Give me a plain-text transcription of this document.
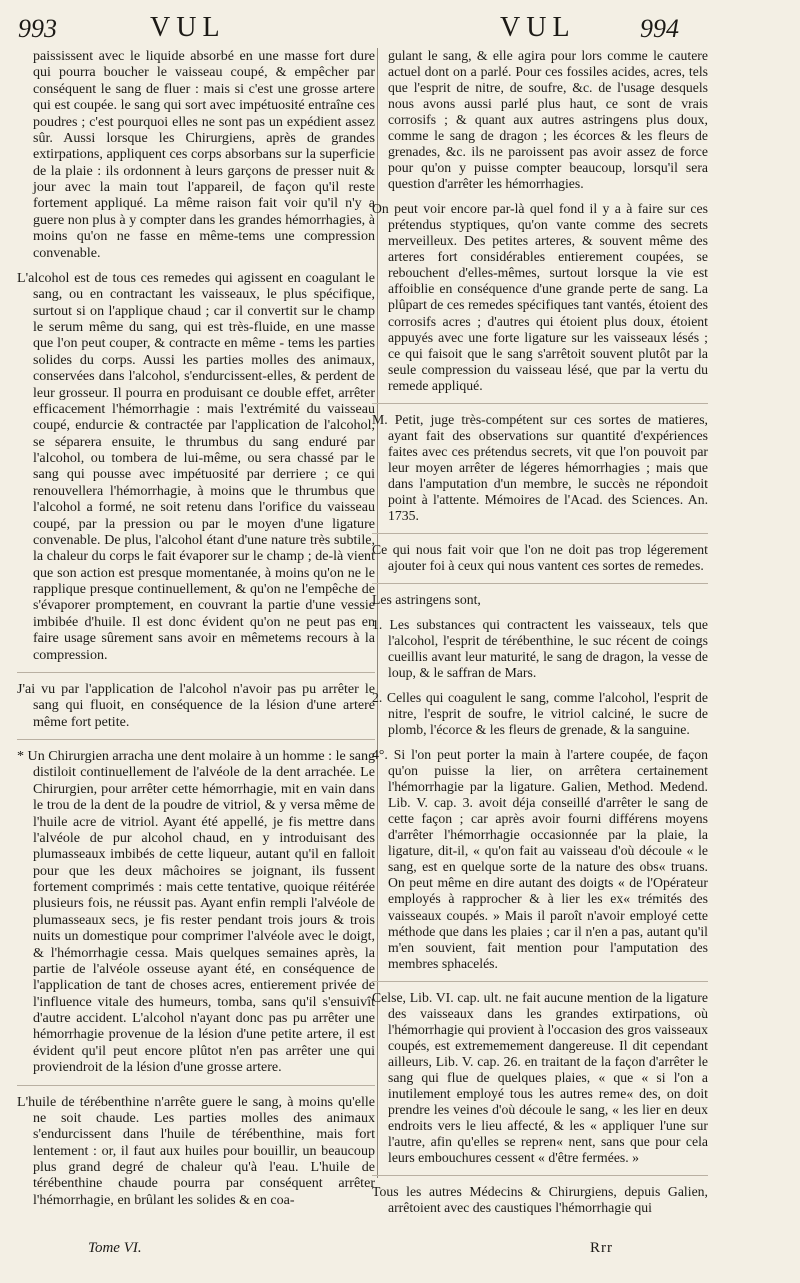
993	VUL	VUL 994

paississent avec le liquide absorbé en une masse fort dure qui pourra boucher le vaisseau coupé, & empêcher par conséquent le sang de fluer : mais si c'est une grosse artere qui est coupée. le sang qui sort avec impétuosité entraîne ces poudres ; c'est pourquoi elles ne sont pas un expédient assez sûr. Aussi lorsque les Chirurgiens, après de grandes extirpations, appliquent ces corps absorbans sur la superficie de la plaie : ils ordonnent à leurs garçons de presser nuit & jour avec la main tout l'appareil, de façon qu'il reste fortement appliqué. La même raison fait voir qu'il n'y a guere non plus à y compter dans les grandes hémorrhagies, à moins qu'on ne fasse en même-tems une compression convenable.

L'alcohol est de tous ces remedes qui agissent en coagulant le sang, ou en contractant les vaisseaux, le plus spécifique, surtout si on l'applique chaud ; car il convertit sur le champ le serum même du sang, qui est très-fluide, en une masse que l'on peut couper, & contracte en même - tems les parties solides du corps. Aussi les parties molles des animaux, conservées dans l'alcohol, s'endurcissent-elles, & perdent de leur grosseur. Il pourra en produisant ce double effet, arrêter efficacement l'hémorrhagie : mais l'extrémité du vaisseau coupé, endurcie & contractée par l'application de l'alcohol, se séparera ensuite, le thrumbus du sang enduré par l'alcohol, ou tombera de lui-même, ou sera chassé par le sang qui pousse avec impétuosité par derriere ; ce qui renouvellera l'hémorrhagie, à moins que le thrumbus que l'alcohol a formé, ne soit retenu dans l'orifice du vaisseau coupé, par la pression ou par le moyen d'une ligature convenable. De plus, l'alcohol étant d'une nature très subtile, la chaleur du corps le fait évaporer sur le champ ; de-là vient que son action est presque momentanée, à moins qu'on ne le rapplique presque continuellement, & qu'on ne l'empêche de s'évaporer promptement, en couvrant la partie d'une vessie imbibée d'huile. Il est donc évident qu'on ne peut pas en faire usage sûrement sans avoir en mêmetems recours à la compression.

J'ai vu par l'application de l'alcohol n'avoir pas pu arrêter le sang qui fluoit, en conséquence de la lésion d'une artere même fort petite.

* Un Chirurgien arracha une dent molaire à un homme : le sang distiloit continuellement de l'alvéole de la dent arrachée. Le Chirurgien, pour arrêter cette hémorrhagie, mit en vain dans le trou de la dent de la poudre de vitriol, & y versa même de l'huile acre de vitriol. Ayant été appellé, je fis mettre dans l'alvéole de pur alcohol chaud, en y introduisant des plumasseaux imbibés de cette liqueur, autant qu'il en falloit pour que les deux mâchoires se joignant, ils fussent fortement comprimés : mais cette tentative, quoique réitérée plusieurs fois, ne réussit pas. Ayant enfin rempli l'alvéole de plumasseaux secs, je fis rester pendant trois jours & trois nuits un domestique pour comprimer l'alvéole avec le doigt, & l'hémorrhagie cessa. Mais quelques semaines après, la partie de l'alvéole osseuse ayant été, en conséquence de l'application de tant de choses acres, entierement privée de l'influence vitale des humeurs, tomba, sans qu'il s'ensuivît d'autre accident. L'alcohol n'ayant donc pas pu arrêter une hémorrhagie provenue de la lésion d'une petite artere, il est évident qu'il peut encore plûtot n'en pas arrêter une qui proviendroit de la lésion d'une grosse artere.

L'huile de térébenthine n'arrête guere le sang, à moins qu'elle ne soit chaude. Les parties molles des animaux s'endurcissent dans l'huile de térébenthine, mais fort lentement : or, il faut aux huiles pour bouillir, un beaucoup plus grand degré de chaleur qu'à l'eau. L'huile de térébenthine chaude pourra par conséquent arrêter l'hémorrhagie, en brûlant les solides & en coa-

gulant le sang, & elle agira pour lors comme le cautere actuel dont on a parlé. Pour ces fossiles acides, acres, tels que l'esprit de nitre, de soufre, &c. de l'usage desquels nous avons aussi parlé plus haut, ce sont de vrais corrosifs ; & quant aux autres astringens plus doux, comme le sang de dragon ; les écorces & les fleurs de grenades, &c. ils ne paroissent pas avoir assez de force pour qu'on y puisse compter beaucoup, lorsqu'il sera question d'arrêter les hémorrhagies.

On peut voir encore par-là quel fond il y a à faire sur ces prétendus styptiques, qu'on vante comme des secrets merveilleux. Des petites arteres, & souvent même des arteres fort considérables entierement coupées, se rebouchent d'elles-mêmes, surtout lorsque la vie est affoiblie en conséquence d'une grande perte de sang. La plûpart de ces remedes spécifiques tant vantés, étoient des corrosifs acres ; d'autres qui étoient plus doux, étoient appuyés avec une forte ligature sur les vaisseaux lésés ; ce qui faisoit que le sang s'arrêtoit souvent plutôt par la seule compression du vaisseau lésé, que par la vertu du remede appliqué.

M. Petit, juge très-compétent sur ces sortes de matieres, ayant fait des observations sur quantité d'expériences faites avec ces prétendus secrets, vit que l'on pouvoit par leur moyen arrêter de légeres hémorrhagies ; mais que dans l'amputation d'un membre, le succès ne répondoit point à l'attente. Mémoires de l'Acad. des Sciences. An. 1735.

Ce qui nous fait voir que l'on ne doit pas trop légerement ajouter foi à ceux qui nous vantent ces sortes de remedes.

Les astringens sont,

1. Les substances qui contractent les vaisseaux, tels que l'alcohol, l'esprit de térébenthine, le suc récent de coings cueillis avant leur maturité, le sang de dragon, la vesse de loup, & le saffran de Mars.

2. Celles qui coagulent le sang, comme l'alcohol, l'esprit de nitre, l'esprit de soufre, le vitriol calciné, le sucre de plomb, l'écorce & les fleurs de grenade, & la sanguine.

4°. Si l'on peut porter la main à l'artere coupée, de façon qu'on puisse la lier, on arrêtera certainement l'hémorrhagie par la ligature. Galien, Method. Medend. Lib. V. cap. 3. avoit déja conseillé d'arrêter le sang de cette façon ; car après avoir fourni différens moyens d'arrêter l'hémorrhagie occasionnée par la plaie, la ligature, dit-il, « qu'on fait au vaisseau d'où découle « le sang, est en quelque sorte de la nature des obs« truans. On peut même en dire autant des doigts « de l'Opérateur employés à rapprocher & à lier les ex« trémités des vaisseaux coupés. » Mais il paroît n'avoir employé cette méthode que dans les plaies ; car il n'en a pas, autant qu'il m'en souvient, fait mention pour l'amputation des membres sphacelés.

Celse, Lib. VI. cap. ult. ne fait aucune mention de la ligature des vaisseaux dans les grandes extirpations, où l'hémorrhagie qui provient à l'occasion des gros vaisseaux coupés, est extrememement dangereuse. Il dit cependant ailleurs, Lib. V. cap. 26. en traitant de la façon d'arrêter le sang qui flue de quelques plaies, « que « si l'on a inutilement employé tous les autres reme« des, on doit prendre les veines d'où découle le sang, « les lier en deux endroits vers le lieu affecté, & les « appliquer l'une sur l'autre, afin qu'elles se repren« nent, sans que pour cela leurs embouchures cessent « d'être fermées. »

Tous les autres Médecins & Chirurgiens, depuis Galien, arrêtoient avec des caustiques l'hémorrhagie qui

Tome VI.	Rrr
